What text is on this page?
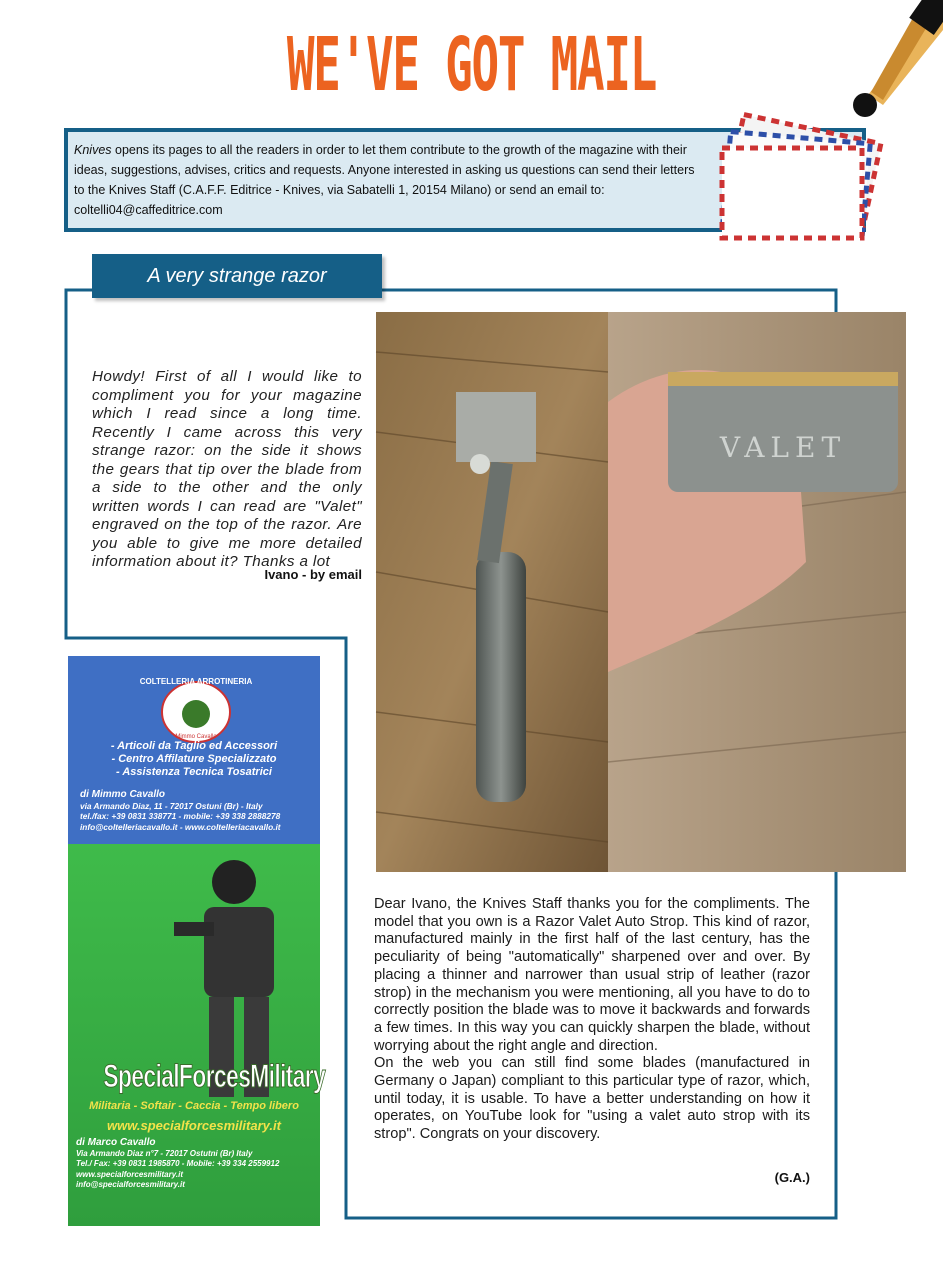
WE'VE GOT MAIL
Knives opens its pages to all the readers in order to let them contribute to the growth of the magazine with their ideas, suggestions, advises, critics and requests. Anyone interested in asking us questions can send their letters to the Knives Staff (C.A.F.F. Editrice - Knives, via Sabatelli 1, 20154 Milano) or send an email to: coltelli04@caffeditrice.com
A very strange razor
Howdy! First of all I would like to compliment you for your magazine which I read since a long time. Recently I came across this very strange razor: on the side it shows the gears that tip over the blade from a side to the other and the only written words I can read are "Valet" engraved on the top of the razor. Are you able to give me more detailed information about it? Thanks a lot
Ivano - by email
VALET

Dear Ivano, the Knives Staff thanks you for the compliments. The model that you own is a Razor Valet Auto Strop. This kind of razor, manufactured mainly in the first half of the last century, has the peculiarity of being "automatically" sharpened over and over. By placing a thinner and narrower than usual strip of leather (razor strop) in the mechanism you were mentioning, all you have to do to correctly position the blade was to move it backwards and forwards a few times. In this way you can quickly sharpen the blade, without worrying about the right angle and direction.

On the web you can still find some blades (manufactured in Germany o Japan) compliant to this particular type of razor, which, until today, it is usable. To have a better understanding on how it operates, on YouTube look for "using a valet auto strop with its strop". Congrats on your discovery.

(G.A.)
COLTELLERIA ARROTINERIA
Mimmo Cavallo
- Articoli da Taglio ed Accessori
- Centro Affilature Specializzato
- Assistenza Tecnica Tosatrici
di Mimmo Cavallo
via Armando Diaz, 11 - 72017 Ostuni (Br) - Italy
tel./fax: +39 0831 338771 - mobile: +39 338 2888278
info@coltelleriacavallo.it - www.coltelleriacavallo.it
SpecialForcesMilitary
Militaria - Softair - Caccia - Tempo libero
www.specialforcesmilitary.it
di Marco Cavallo
Via Armando Diaz n°7 - 72017 Ostutni (Br) Italy
Tel./ Fax: +39 0831 1985870 - Mobile: +39 334 2559912
www.specialforcesmilitary.it
info@specialforcesmilitary.it
